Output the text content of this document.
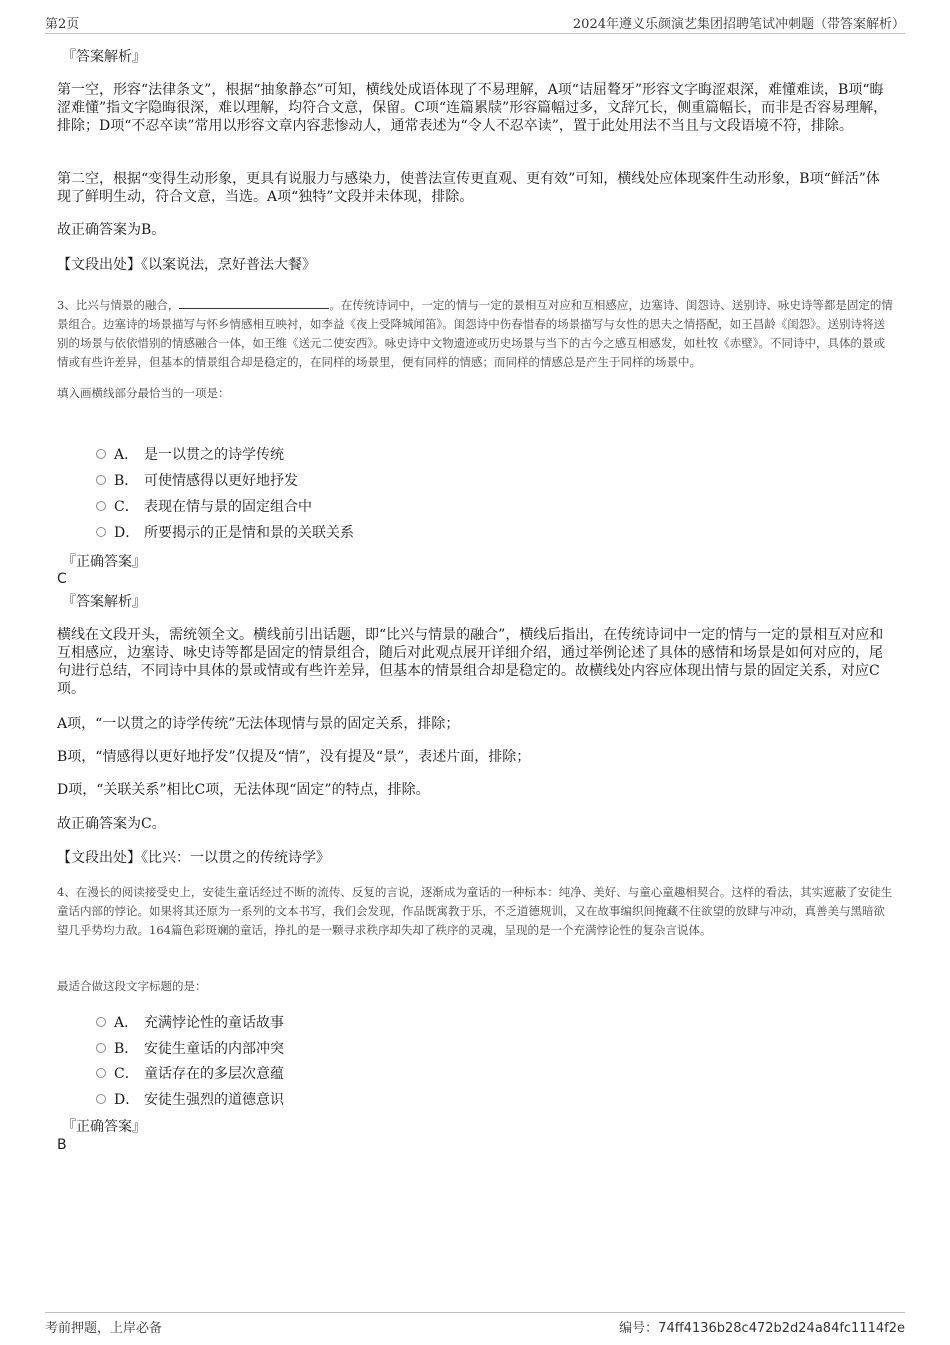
第2页	2024年遵义乐颜演艺集团招聘笔试冲刺题（带答案解析）
『答案解析』

第一空，形容“法律条文”，根据“抽象静态”可知，横线处成语体现了不易理解，A项“诘屈聱牙”形容文字晦涩艰深，难懂难读，B项“晦涩难懂”指文字隐晦很深，难以理解，均符合文意，保留。C项“连篇累牍”形容篇幅过多，文辞冗长，侧重篇幅长，而非是否容易理解，排除；D项“不忍卒读”常用以形容文章内容悲惨动人，通常表述为“令人不忍卒读”，置于此处用法不当且与文段语境不符，排除。

第二空，根据“变得生动形象，更具有说服力与感染力，使普法宣传更直观、更有效”可知，横线处应体现案件生动形象，B项“鲜活”体现了鲜明生动，符合文意，当选。A项“独特”文段并未体现，排除。

故正确答案为B。

【文段出处】《以案说法，烹好普法大餐》

3、比兴与情景的融合，	。在传统诗词中，一定的情与一定的景相互对应和互相感应，边塞诗、闺怨诗、送别诗、咏史诗等都是固定的情景组合。边塞诗的场景描写与怀乡情感相互映衬，如李益《夜上受降城闻笛》。闺怨诗中伤春惜春的场景描写与女性的思夫之情搭配，如王昌龄《闺怨》。送别诗将送别的场景与依依惜别的情感融合一体，如王维《送元二使安西》。咏史诗中文物遗迹或历史场景与当下的古今之感互相感发，如杜牧《赤壁》。不同诗中，具体的景或情或有些许差异，但基本的情景组合却是稳定的，在同样的场景里，便有同样的情感；而同样的情感总是产生于同样的场景中。

填入画横线部分最恰当的一项是：

A． 是一以贯之的诗学传统
B． 可使情感得以更好地抒发
C． 表现在情与景的固定组合中
D． 所要揭示的正是情和景的关联关系
『正确答案』
C
『答案解析』

横线在文段开头，需统领全文。横线前引出话题，即“比兴与情景的融合”，横线后指出，在传统诗词中一定的情与一定的景相互对应和互相感应，边塞诗、咏史诗等都是固定的情景组合，随后对此观点展开详细介绍，通过举例论述了具体的感情和场景是如何对应的，尾句进行总结，不同诗中具体的景或情或有些许差异，但基本的情景组合却是稳定的。故横线处内容应体现出情与景的固定关系，对应C项。

A项，“一以贯之的诗学传统”无法体现情与景的固定关系，排除；

B项，“情感得以更好地抒发”仅提及“情”，没有提及“景”，表述片面，排除；

D项，“关联关系”相比C项，无法体现“固定”的特点，排除。

故正确答案为C。

【文段出处】《比兴：一以贯之的传统诗学》

4、在漫长的阅读接受史上，安徒生童话经过不断的流传、反复的言说，逐渐成为童话的一种标本：纯净、美好、与童心童趣相契合。这样的看法，其实遮蔽了安徒生童话内部的悖论。如果将其还原为一系列的文本书写，我们会发现，作品既寓教于乐，不乏道德规训，又在故事编织间掩藏不住欲望的放肆与冲动，真善美与黑暗欲望几乎势均力敌。164篇色彩斑斓的童话，挣扎的是一颗寻求秩序却失却了秩序的灵魂，呈现的是一个充满悖论性的复杂言说体。

最适合做这段文字标题的是：

A． 充满悖论性的童话故事
B． 安徒生童话的内部冲突
C． 童话存在的多层次意蕴
D． 安徒生强烈的道德意识
『正确答案』
B
考前押题，上岸必备	编号：74ff4136b28c472b2d24a84fc1114f2e
